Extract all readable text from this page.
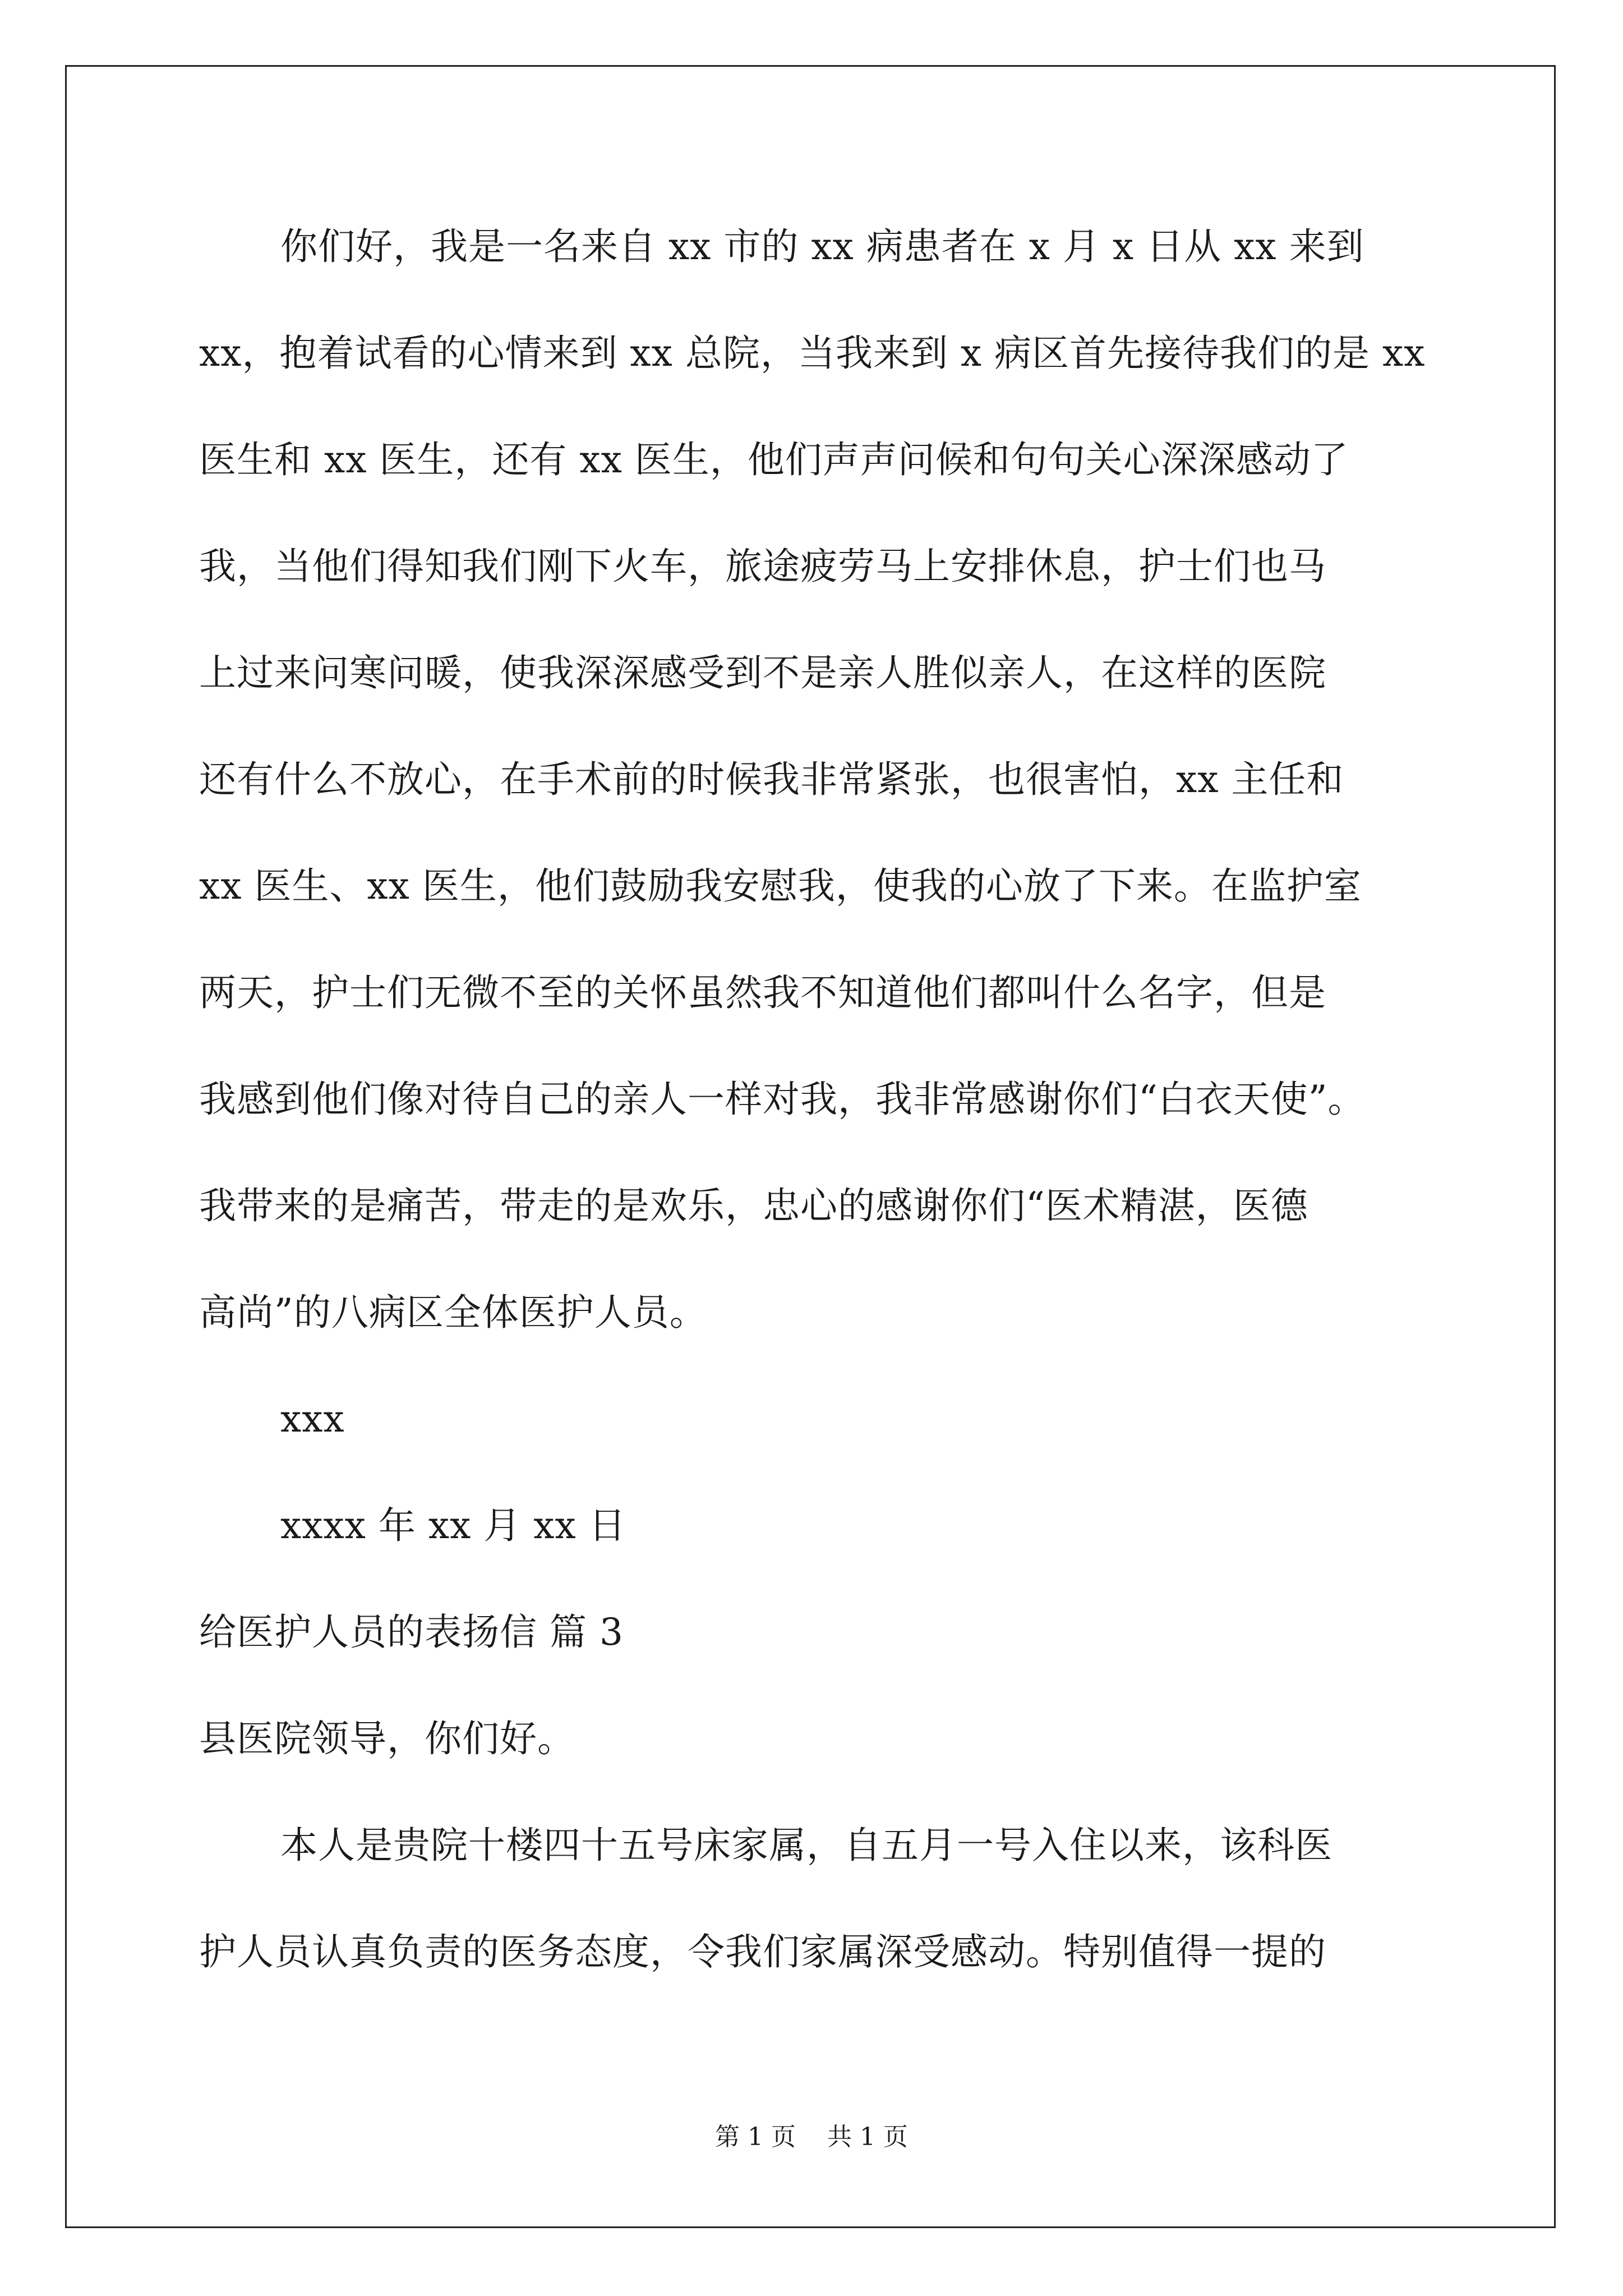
你们好，我是一名来自 xx 市的 xx 病患者在 x 月 x 日从 xx 来到
xx，抱着试看的心情来到 xx 总院，当我来到 x 病区首先接待我们的是 xx
医生和 xx 医生，还有 xx 医生，他们声声问候和句句关心深深感动了
我，当他们得知我们刚下火车，旅途疲劳马上安排休息，护士们也马
上过来问寒问暖，使我深深感受到不是亲人胜似亲人，在这样的医院
还有什么不放心，在手术前的时候我非常紧张，也很害怕，xx 主任和
xx 医生、xx 医生，他们鼓励我安慰我，使我的心放了下来。在监护室
两天，护士们无微不至的关怀虽然我不知道他们都叫什么名字，但是
我感到他们像对待自己的亲人一样对我，我非常感谢你们“白衣天使”。
我带来的是痛苦，带走的是欢乐，忠心的感谢你们“医术精湛，医德
高尚”的八病区全体医护人员。
xxx
xxxx 年 xx 月 xx 日
给医护人员的表扬信 篇 3
县医院领导，你们好。
本人是贵院十楼四十五号床家属，自五月一号入住以来，该科医
护人员认真负责的医务态度，令我们家属深受感动。特别值得一提的
第 1 页    共 1 页
